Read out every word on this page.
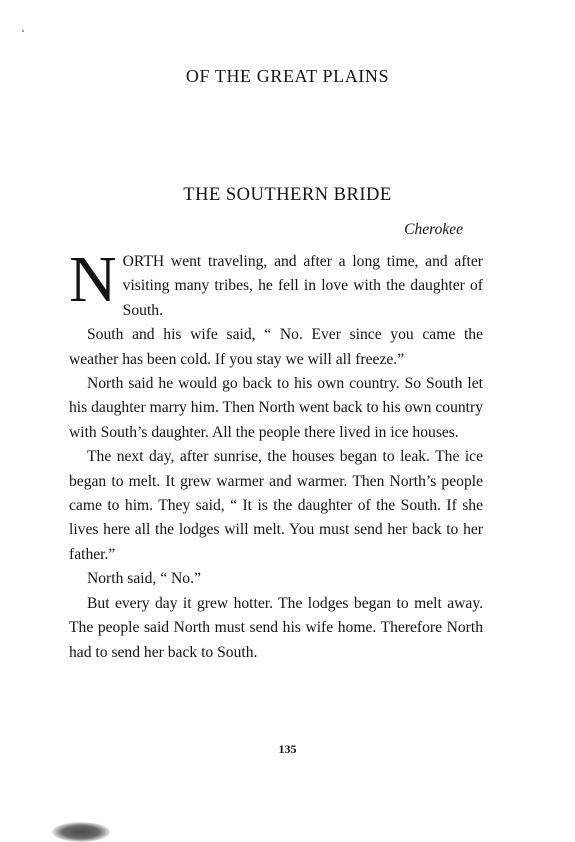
OF THE GREAT PLAINS
THE SOUTHERN BRIDE
Cherokee

NORTH went traveling, and after a long time, and after visiting many tribes, he fell in love with the daughter of South.

South and his wife said, “ No. Ever since you came the weather has been cold. If you stay we will all freeze.”

North said he would go back to his own country. So South let his daughter marry him. Then North went back to his own country with South’s daughter. All the people there lived in ice houses.

The next day, after sunrise, the houses began to leak. The ice began to melt. It grew warmer and warmer. Then North’s people came to him. They said, “ It is the daughter of the South. If she lives here all the lodges will melt. You must send her back to her father.”

North said, “ No.”

But every day it grew hotter. The lodges began to melt away. The people said North must send his wife home. Therefore North had to send her back to South.

135
